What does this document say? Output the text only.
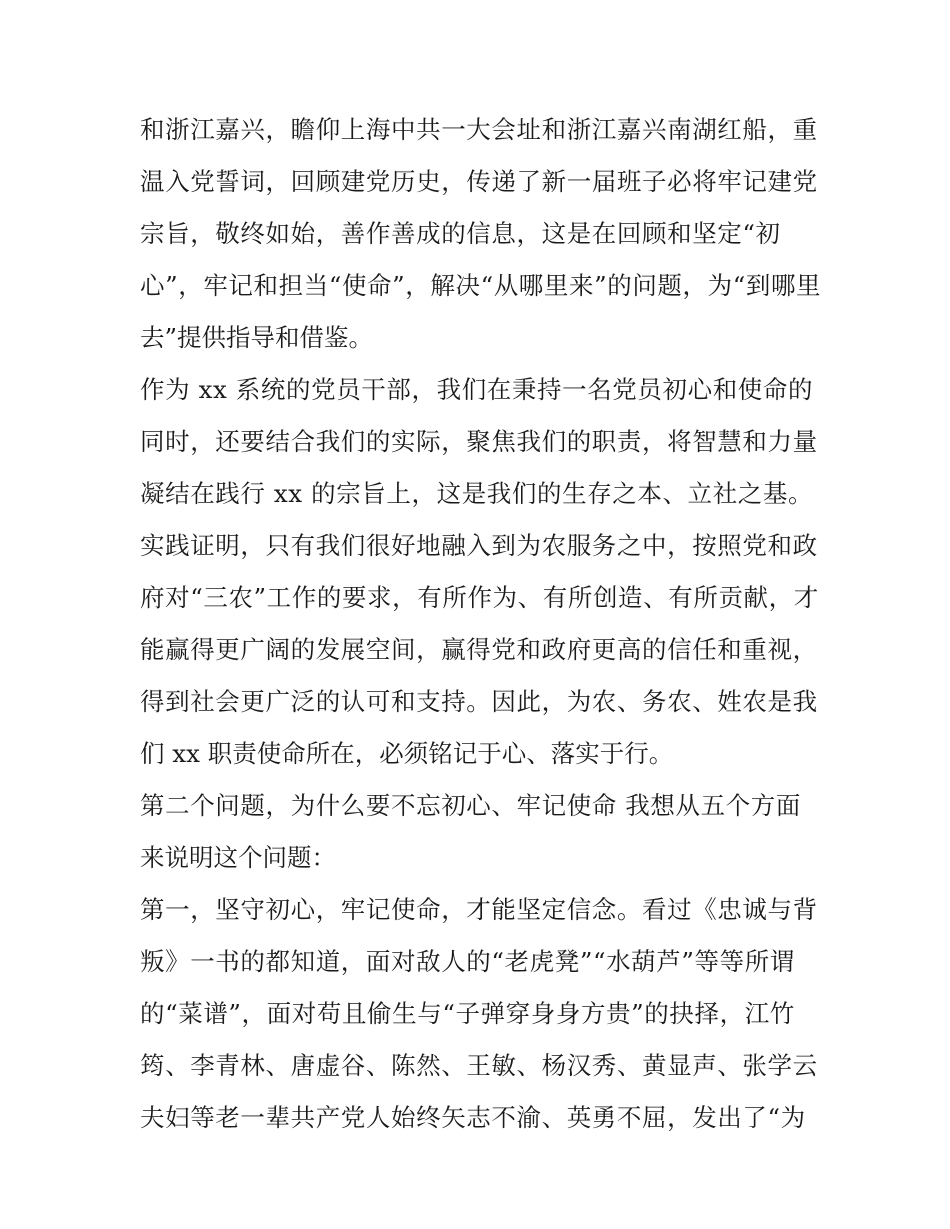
和浙江嘉兴，瞻仰上海中共一大会址和浙江嘉兴南湖红船，重
温入党誓词，回顾建党历史，传递了新一届班子必将牢记建党
宗旨，敬终如始，善作善成的信息，这是在回顾和坚定“初
心”，牢记和担当“使命”，解决“从哪里来”的问题，为“到哪里
去”提供指导和借鉴。
作为 xx 系统的党员干部，我们在秉持一名党员初心和使命的
同时，还要结合我们的实际，聚焦我们的职责，将智慧和力量
凝结在践行 xx 的宗旨上，这是我们的生存之本、立社之基。
实践证明，只有我们很好地融入到为农服务之中，按照党和政
府对“三农”工作的要求，有所作为、有所创造、有所贡献，才
能赢得更广阔的发展空间，赢得党和政府更高的信任和重视，
得到社会更广泛的认可和支持。因此，为农、务农、姓农是我
们 xx 职责使命所在，必须铭记于心、落实于行。
第二个问题，为什么要不忘初心、牢记使命 我想从五个方面
来说明这个问题：
第一，坚守初心，牢记使命，才能坚定信念。看过《忠诚与背
叛》一书的都知道，面对敌人的“老虎凳”“水葫芦”等等所谓
的“菜谱”，面对苟且偷生与“子弹穿身身方贵”的抉择，江竹
筠、李青林、唐虚谷、陈然、王敏、杨汉秀、黄显声、张学云
夫妇等老一辈共产党人始终矢志不渝、英勇不屈，发出了“为
